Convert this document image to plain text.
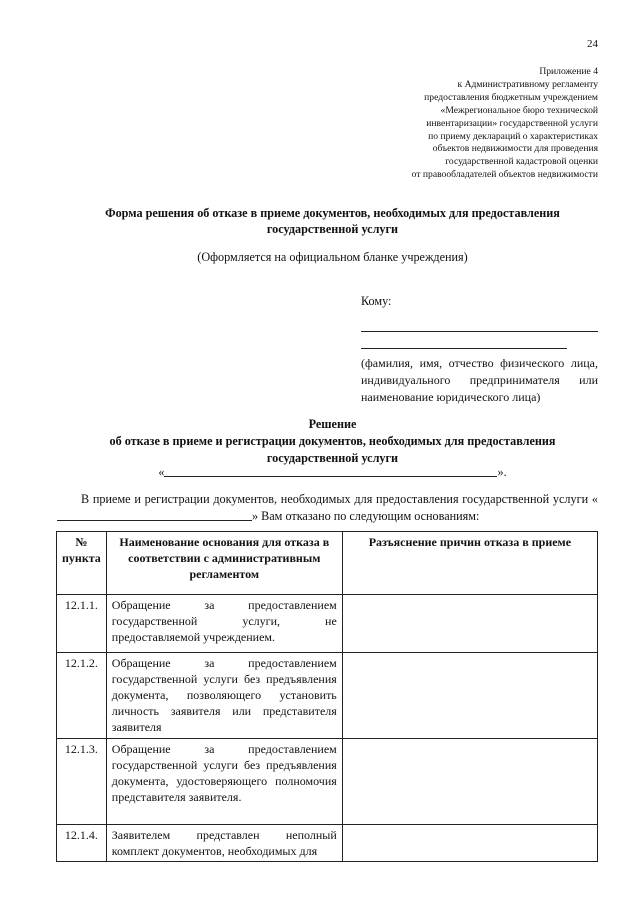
24
Приложение 4
к Административному регламенту
предоставления бюджетным учреждением
«Межрегиональное бюро технической
инвентаризации» государственной услуги
по приему деклараций о характеристиках
объектов недвижимости для проведения
государственной кадастровой оценки
от правообладателей объектов недвижимости
Форма решения об отказе в приеме документов, необходимых для предоставления
государственной услуги
(Оформляется на официальном бланке учреждения)
Кому:
(фамилия, имя, отчество физического лица, индивидуального предпринимателя или наименование юридического лица)
Решение
об отказе в приеме и регистрации документов, необходимых для предоставления
государственной услуги
«	».
В приеме и регистрации документов, необходимых для предоставления государственной услуги «» Вам отказано по следующим основаниям:
№ пункта	Наименование основания для отказа в соответствии с административным регламентом	Разъяснение причин отказа в приеме
12.1.1.	Обращение за предоставлением государственной услуги, не предоставляемой учреждением.	
12.1.2.	Обращение за предоставлением государственной услуги без предъявления документа, позволяющего установить личность заявителя или представителя заявителя	
12.1.3.	Обращение за предоставлением государственной услуги без предъявления документа, удостоверяющего полномочия представителя заявителя.	
12.1.4.	Заявителем представлен неполный комплект документов, необходимых для	
